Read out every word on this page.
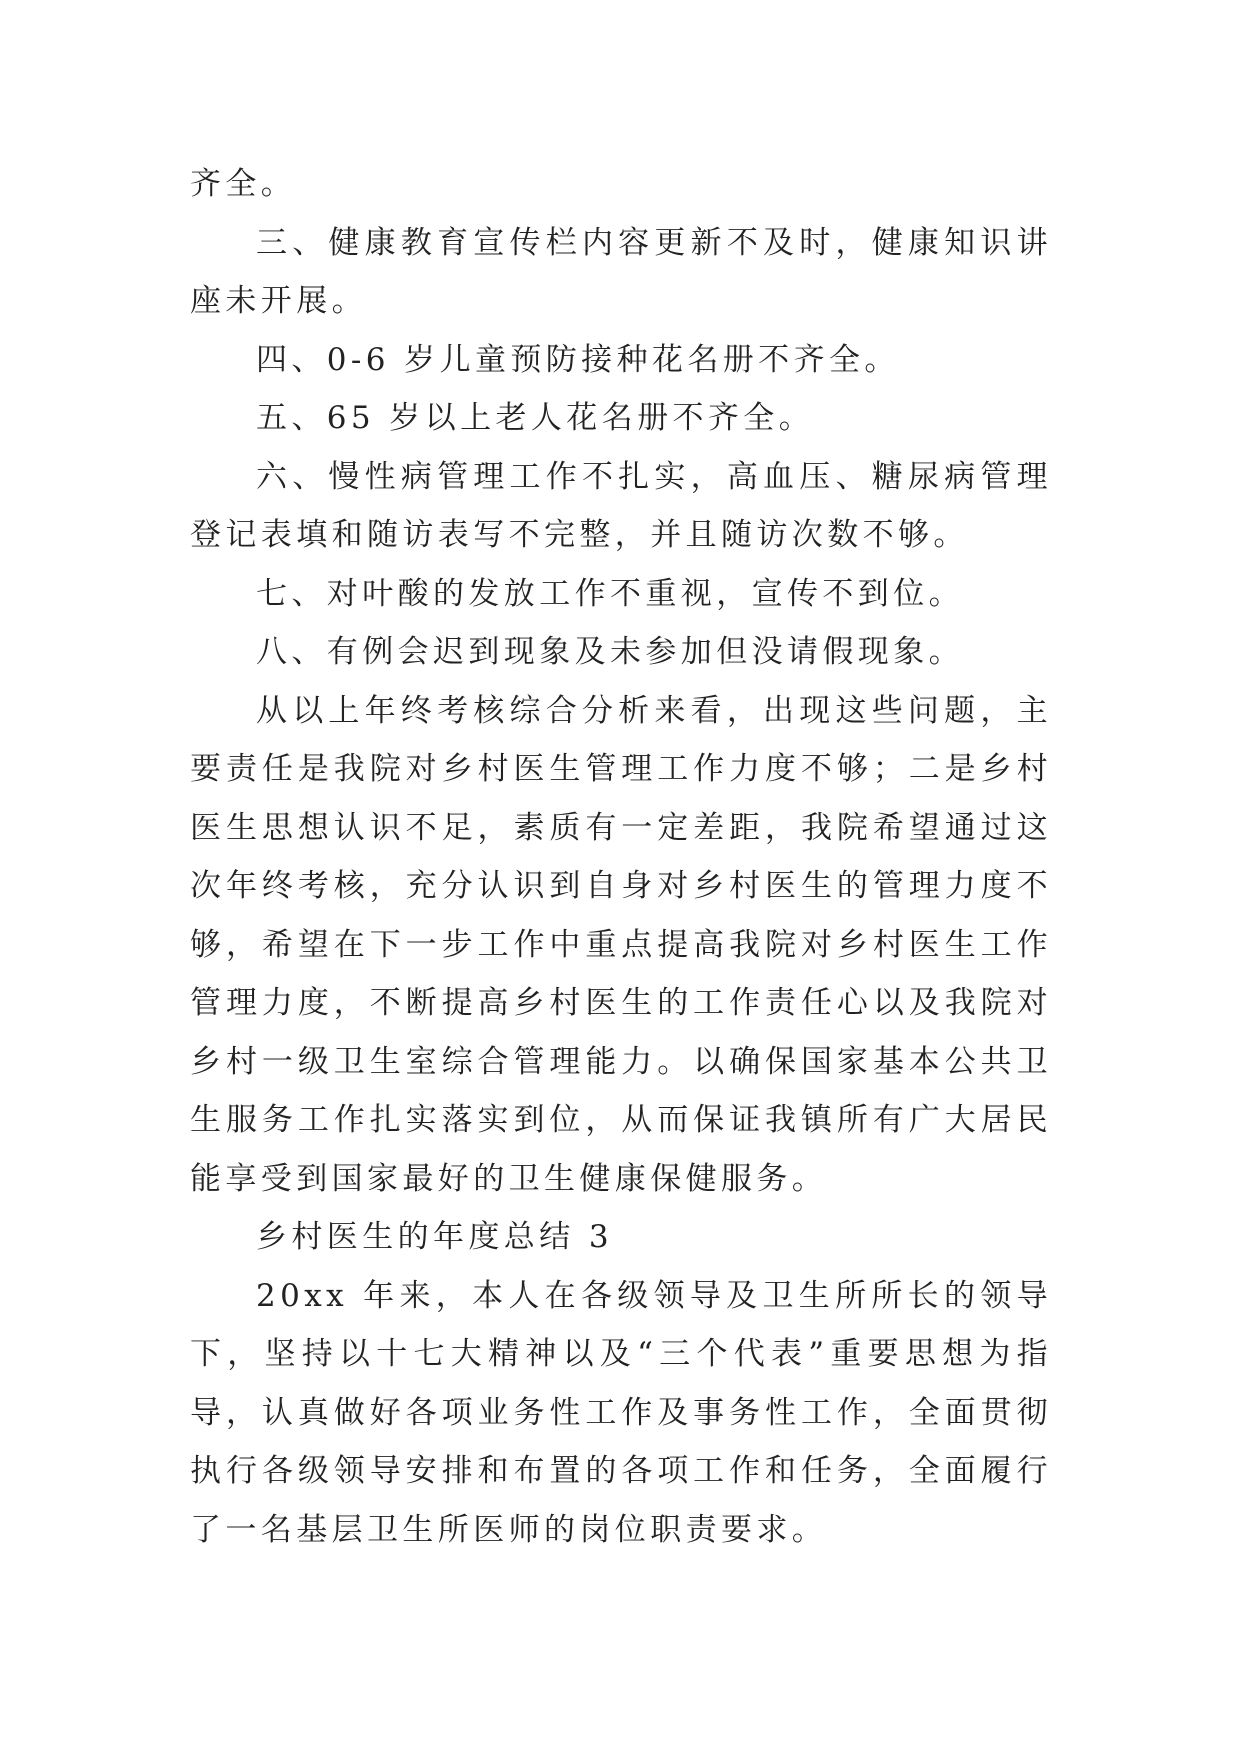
齐全。

三、健康教育宣传栏内容更新不及时，健康知识讲座未开展。

四、0-6 岁儿童预防接种花名册不齐全。

五、65 岁以上老人花名册不齐全。

六、慢性病管理工作不扎实，高血压、糖尿病管理登记表填和随访表写不完整，并且随访次数不够。

七、对叶酸的发放工作不重视，宣传不到位。

八、有例会迟到现象及未参加但没请假现象。

从以上年终考核综合分析来看，出现这些问题，主要责任是我院对乡村医生管理工作力度不够；二是乡村医生思想认识不足，素质有一定差距，我院希望通过这次年终考核，充分认识到自身对乡村医生的管理力度不够，希望在下一步工作中重点提高我院对乡村医生工作管理力度，不断提高乡村医生的工作责任心以及我院对乡村一级卫生室综合管理能力。以确保国家基本公共卫生服务工作扎实落实到位，从而保证我镇所有广大居民能享受到国家最好的卫生健康保健服务。

乡村医生的年度总结 3

20xx 年来，本人在各级领导及卫生所所长的领导下，坚持以十七大精神以及“三个代表”重要思想为指导，认真做好各项业务性工作及事务性工作，全面贯彻执行各级领导安排和布置的各项工作和任务，全面履行了一名基层卫生所医师的岗位职责要求。
